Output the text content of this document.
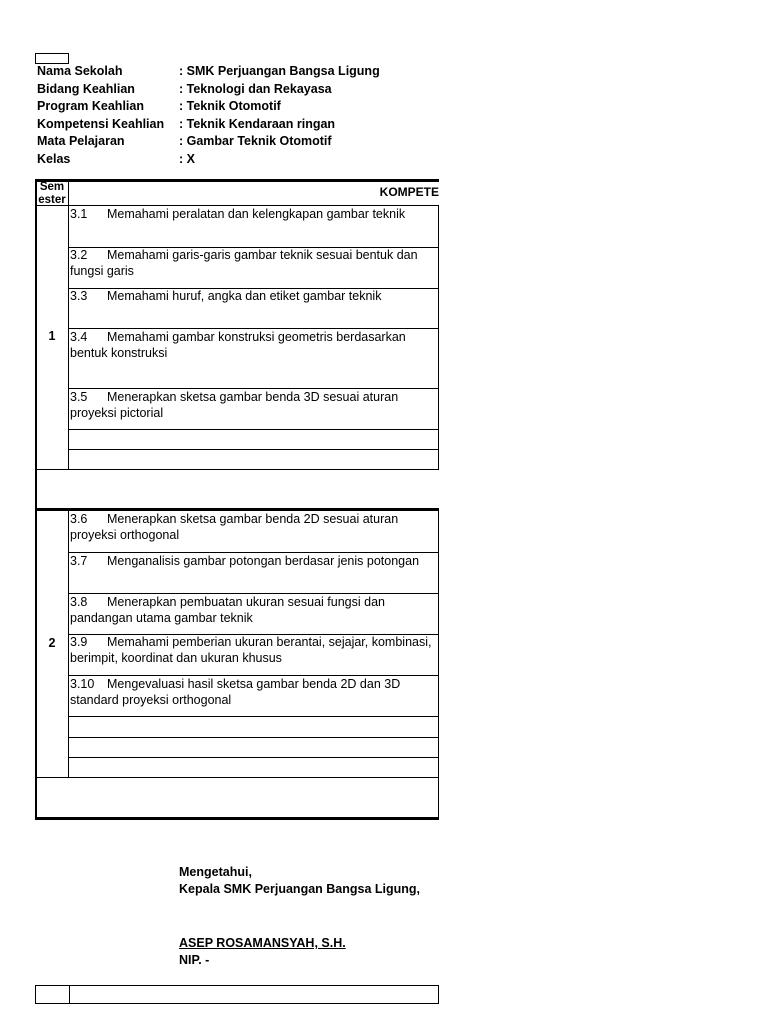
Nama Sekolah	: SMK Perjuangan Bangsa Ligung
Bidang Keahlian	: Teknologi dan Rekayasa
Program Keahlian	: Teknik Otomotif
Kompetensi Keahlian : Teknik Kendaraan ringan
Mata Pelajaran	: Gambar Teknik Otomotif
Kelas	: X
Sem
ester
KOMPETE
1
3.1 Memahami peralatan dan kelengkapan gambar teknik
3.2 Memahami garis-garis gambar teknik sesuai bentuk dan fungsi garis
3.3 Memahami huruf, angka dan etiket gambar teknik
3.4 Memahami gambar konstruksi geometris berdasarkan bentuk konstruksi
3.5 Menerapkan sketsa gambar benda 3D sesuai aturan proyeksi pictorial
2
3.6 Menerapkan sketsa gambar benda 2D sesuai aturan proyeksi orthogonal
3.7 Menganalisis gambar potongan berdasar jenis potongan
3.8 Menerapkan pembuatan ukuran sesuai fungsi dan pandangan utama gambar teknik
3.9 Memahami pemberian ukuran berantai, sejajar, kombinasi, berimpit, koordinat dan ukuran khusus
3.10 Mengevaluasi hasil sketsa gambar benda 2D dan 3D standard proyeksi orthogonal
Mengetahui,
Kepala SMK Perjuangan Bangsa Ligung,
ASEP ROSAMANSYAH, S.H.
NIP. -
